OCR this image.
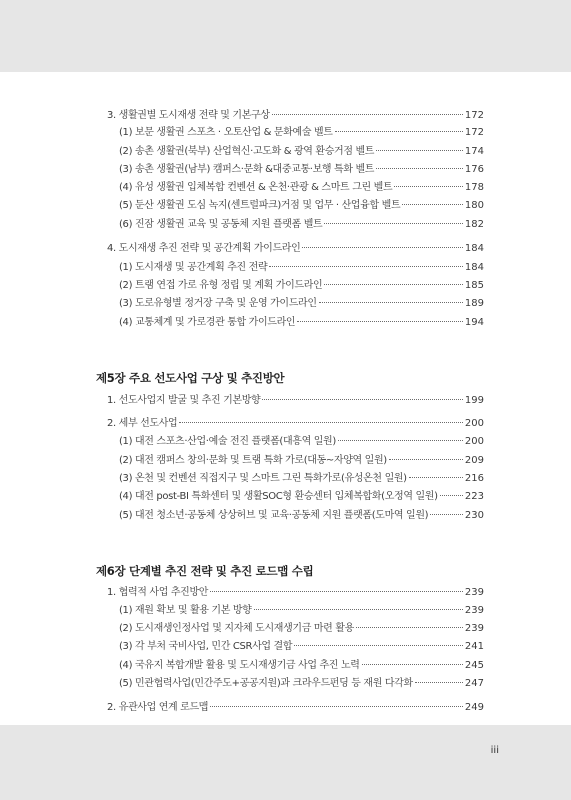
3. 생활권별 도시재생 전략 및 기본구상	172
(1) 보문 생활권 스포츠 · 오토산업 & 문화예술 벨트	172
(2) 송촌 생활권(북부) 산업혁신·고도화 & 광역 환승거점 벨트	174
(3) 송촌 생활권(남부) 캠퍼스·문화 &대중교통·보행 특화 벨트	176
(4) 유성 생활권 입체복합 컨벤션 & 온천·관광 & 스마트 그린 벨트	178
(5) 둔산 생활권 도심 녹지(센트럴파크)거점 및 업무 · 산업융합 벨트	180
(6) 진잠 생활권 교육 및 공동체 지원 플랫폼 벨트	182
4. 도시재생 추진 전략 및 공간계획 가이드라인	184
(1) 도시재생 및 공간계획 추진 전략	184
(2) 트램 연접 가로 유형 정립 및 계획 가이드라인	185
(3) 도로유형별 정거장 구축 및 운영 가이드라인	189
(4) 교통체계 및 가로경관 통합 가이드라인	194
제5장 주요 선도사업 구상 및 추진방안
1. 선도사업지 발굴 및 추진 기본방향	199
2. 세부 선도사업	200
(1) 대전 스포츠·산업·예술 전진 플랫폼(대흥역 일원)	200
(2) 대전 캠퍼스 창의·문화 및 트램 특화 가로(대동~자양역 일원)	209
(3) 온천 및 컨벤션 직접지구 및 스마트 그린 특화가로(유성온천 일원)	216
(4) 대전 post-BI 특화센터 및 생활SOC형 환승센터 입체복합화(오정역 일원)	223
(5) 대전 청소년·공동체 상상허브 및 교육·공동체 지원 플랫폼(도마역 일원)	230
제6장 단계별 추진 전략 및 추진 로드맵 수립
1. 협력적 사업 추진방안	239
(1) 재원 확보 및 활용 기본 방향	239
(2) 도시재생인정사업 및 지자체 도시재생기금 마련 활용	239
(3) 각 부처 국비사업, 민간 CSR사업 결합	241
(4) 국유지 복합개발 활용 및 도시재생기금 사업 추진 노력	245
(5) 민관협력사업(민간주도+공공지원)과 크라우드펀딩 등 재원 다각화	247
2. 유관사업 연계 로드맵	249
iii
